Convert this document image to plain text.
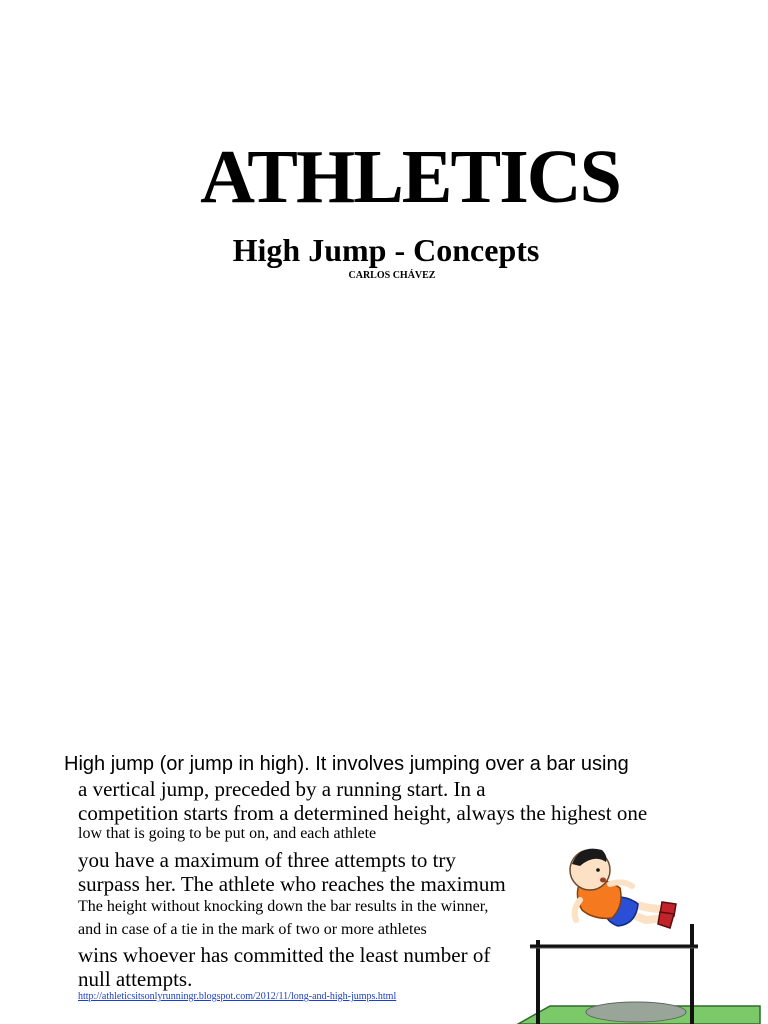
ATHLETICS
High Jump - Concepts
CARLOS CHÁVEZ
High jump (or jump in high). It involves jumping over a bar using
a vertical jump, preceded by a running start. In a
competition starts from a determined height, always the highest one
low that is going to be put on, and each athlete
you have a maximum of three attempts to try
surpass her. The athlete who reaches the maximum
The height without knocking down the bar results in the winner,
and in case of a tie in the mark of two or more athletes
wins whoever has committed the least number of
null attempts.
http://athleticsitsonlyrunningr.blogspot.com/2012/11/long-and-high-jumps.html
